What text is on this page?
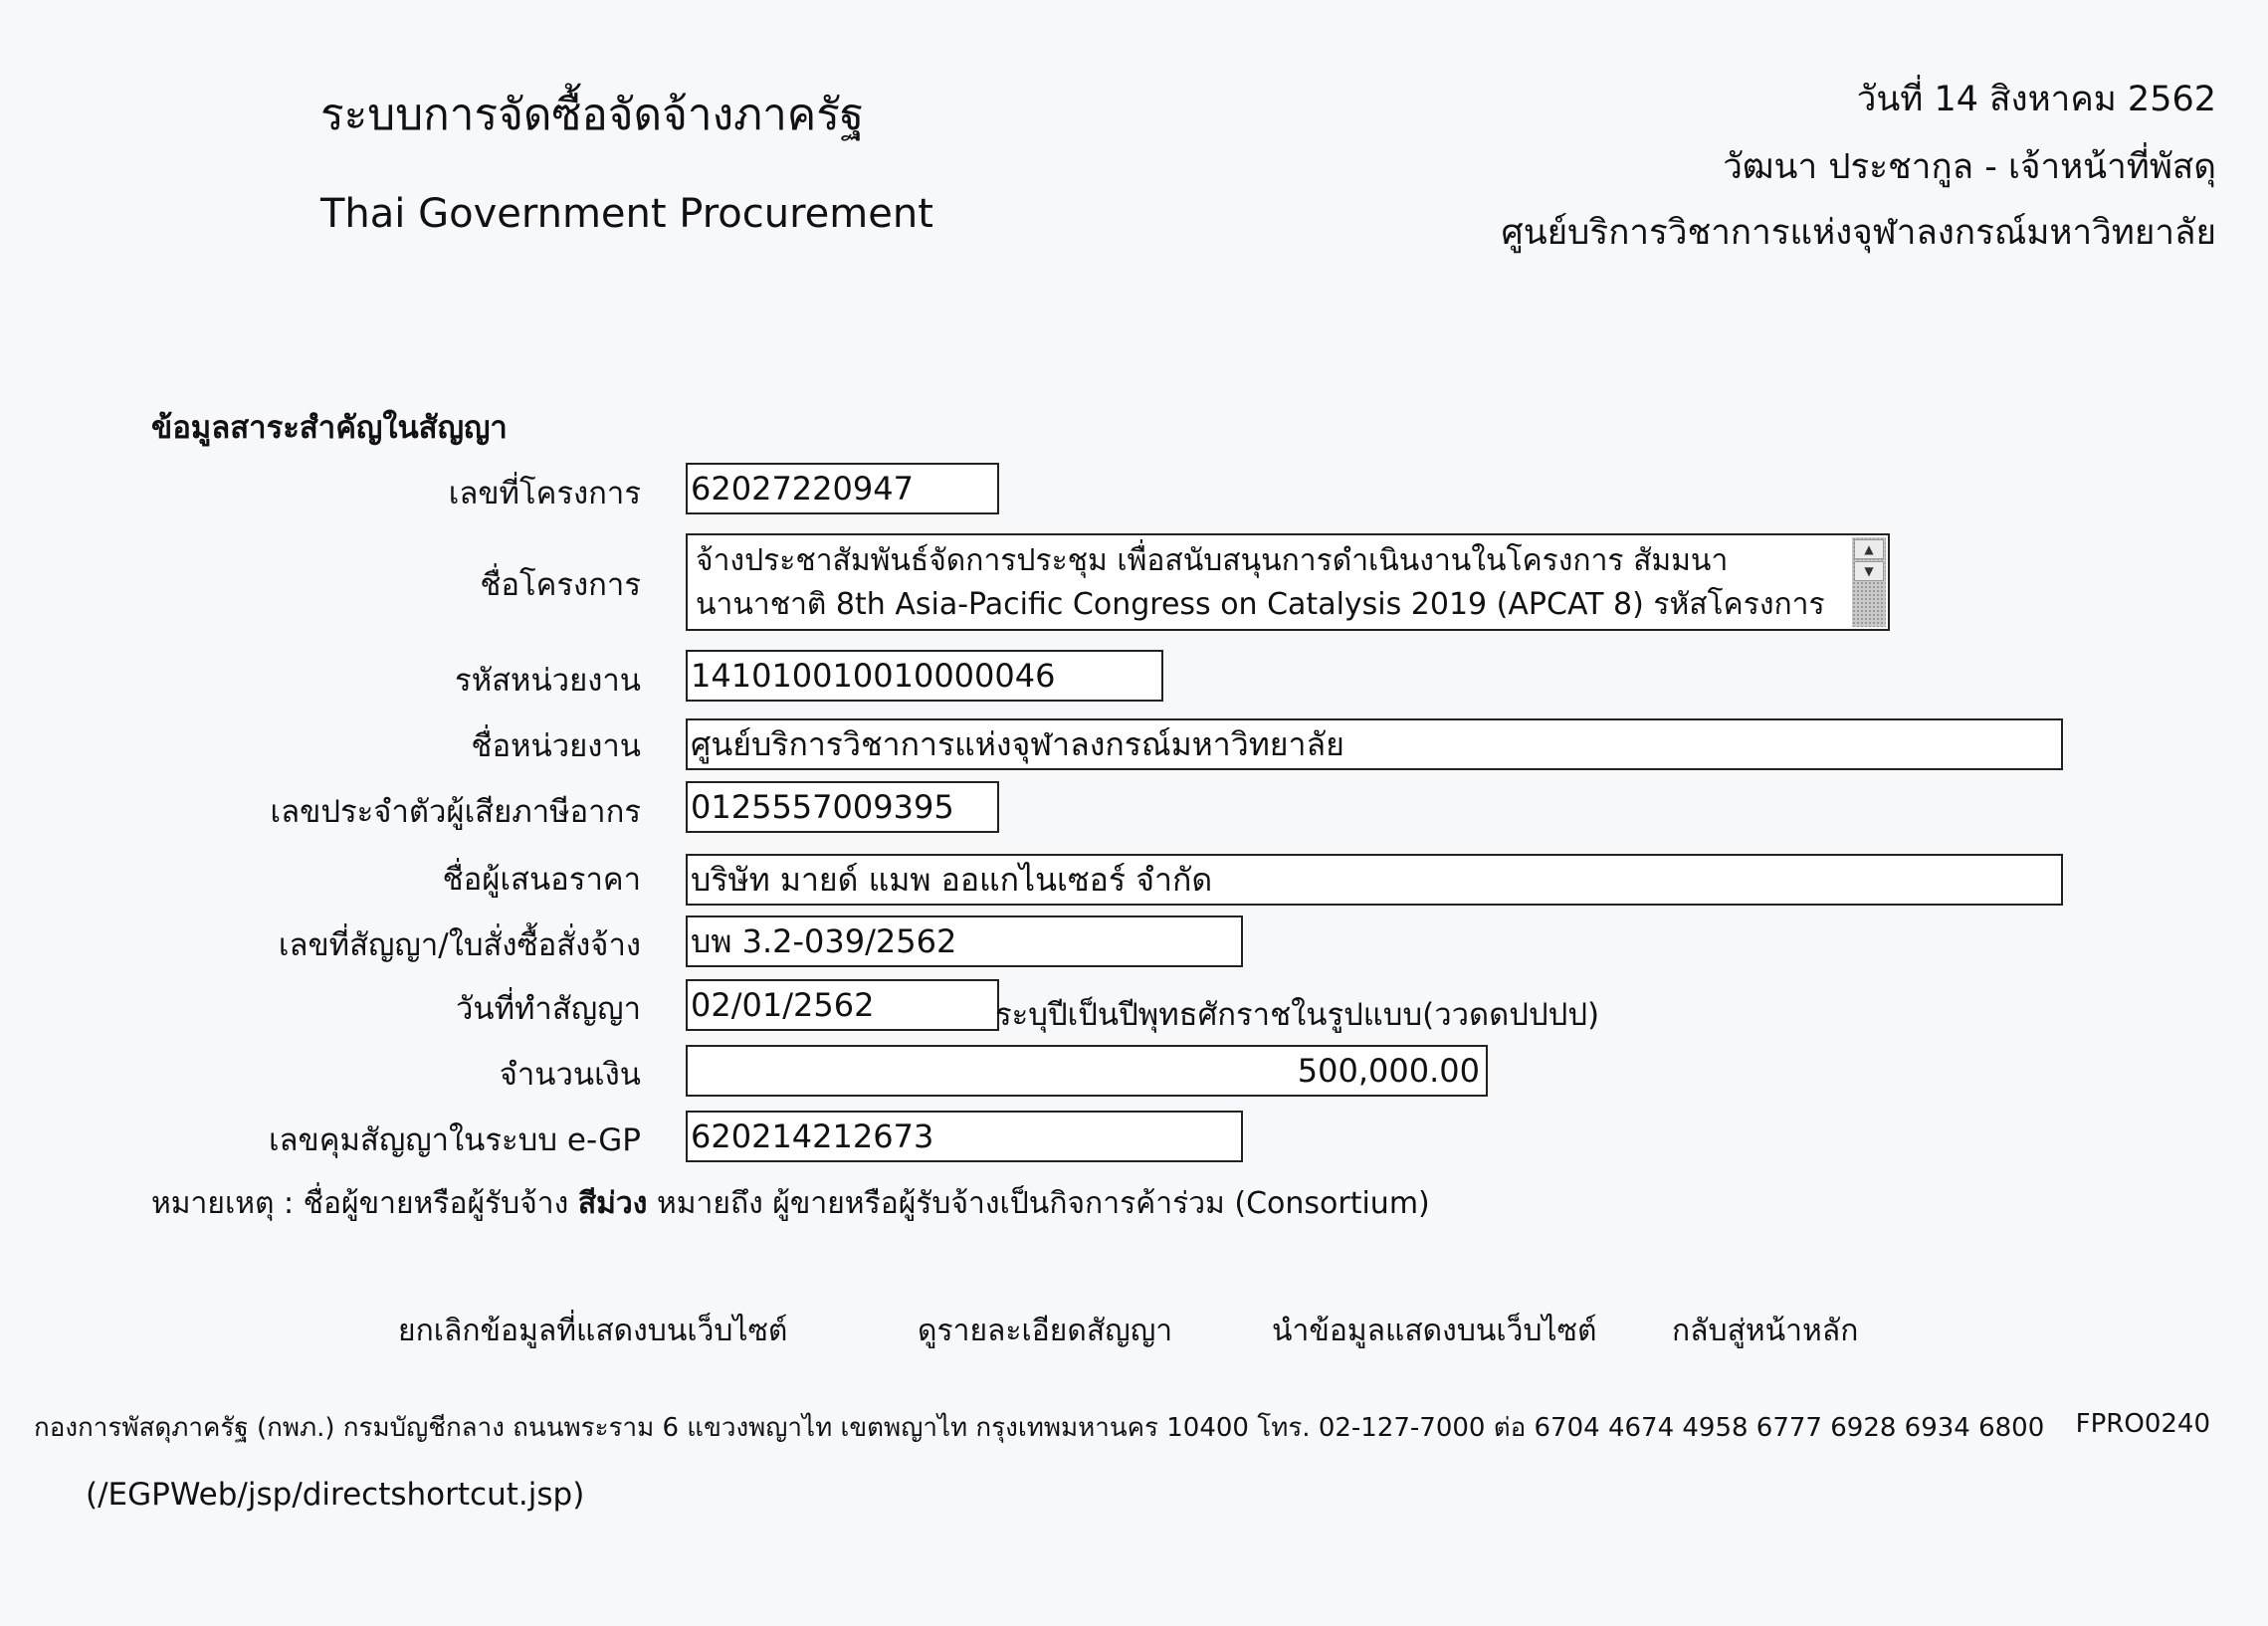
ระบบการจัดซื้อจัดจ้างภาครัฐ
Thai Government Procurement
วันที่ 14 สิงหาคม 2562
วัฒนา ประชากูล - เจ้าหน้าที่พัสดุ
ศูนย์บริการวิชาการแห่งจุฬาลงกรณ์มหาวิทยาลัย
ข้อมูลสาระสำคัญในสัญญา
เลขที่โครงการ 62027220947
ชื่อโครงการ
จ้างประชาสัมพันธ์จัดการประชุม เพื่อสนับสนุนการดำเนินงานในโครงการ สัมมนานานาชาติ 8th Asia-Pacific Congress on Catalysis 2019 (APCAT 8) รหัสโครงการ
▲
▼
รหัสหน่วยงาน 141010010010000046
ชื่อหน่วยงาน ศูนย์บริการวิชาการแห่งจุฬาลงกรณ์มหาวิทยาลัย
เลขประจำตัวผู้เสียภาษีอากร 0125557009395
ชื่อผู้เสนอราคา บริษัท มายด์ แมพ ออแกไนเซอร์ จำกัด
เลขที่สัญญา/ใบสั่งซื้อสั่งจ้าง บพ 3.2-039/2562
วันที่ทำสัญญา 02/01/2562	ระบุปีเป็นปีพุทธศักราชในรูปแบบ(ววดดปปปป)
จำนวนเงิน	500,000.00
เลขคุมสัญญาในระบบ e-GP 620214212673
หมายเหตุ : ชื่อผู้ขายหรือผู้รับจ้าง สีม่วง หมายถึง ผู้ขายหรือผู้รับจ้างเป็นกิจการค้าร่วม (Consortium)
ยกเลิกข้อมูลที่แสดงบนเว็บไซต์	ดูรายละเอียดสัญญา	นำข้อมูลแสดงบนเว็บไซต์	กลับสู่หน้าหลัก
กองการพัสดุภาครัฐ (กพภ.) กรมบัญชีกลาง ถนนพระราม 6 แขวงพญาไท เขตพญาไท กรุงเทพมหานคร 10400 โทร. 02-127-7000 ต่อ 6704 4674 4958 6777 6928 6934 6800 FPRO0240
(/EGPWeb/jsp/directshortcut.jsp)
